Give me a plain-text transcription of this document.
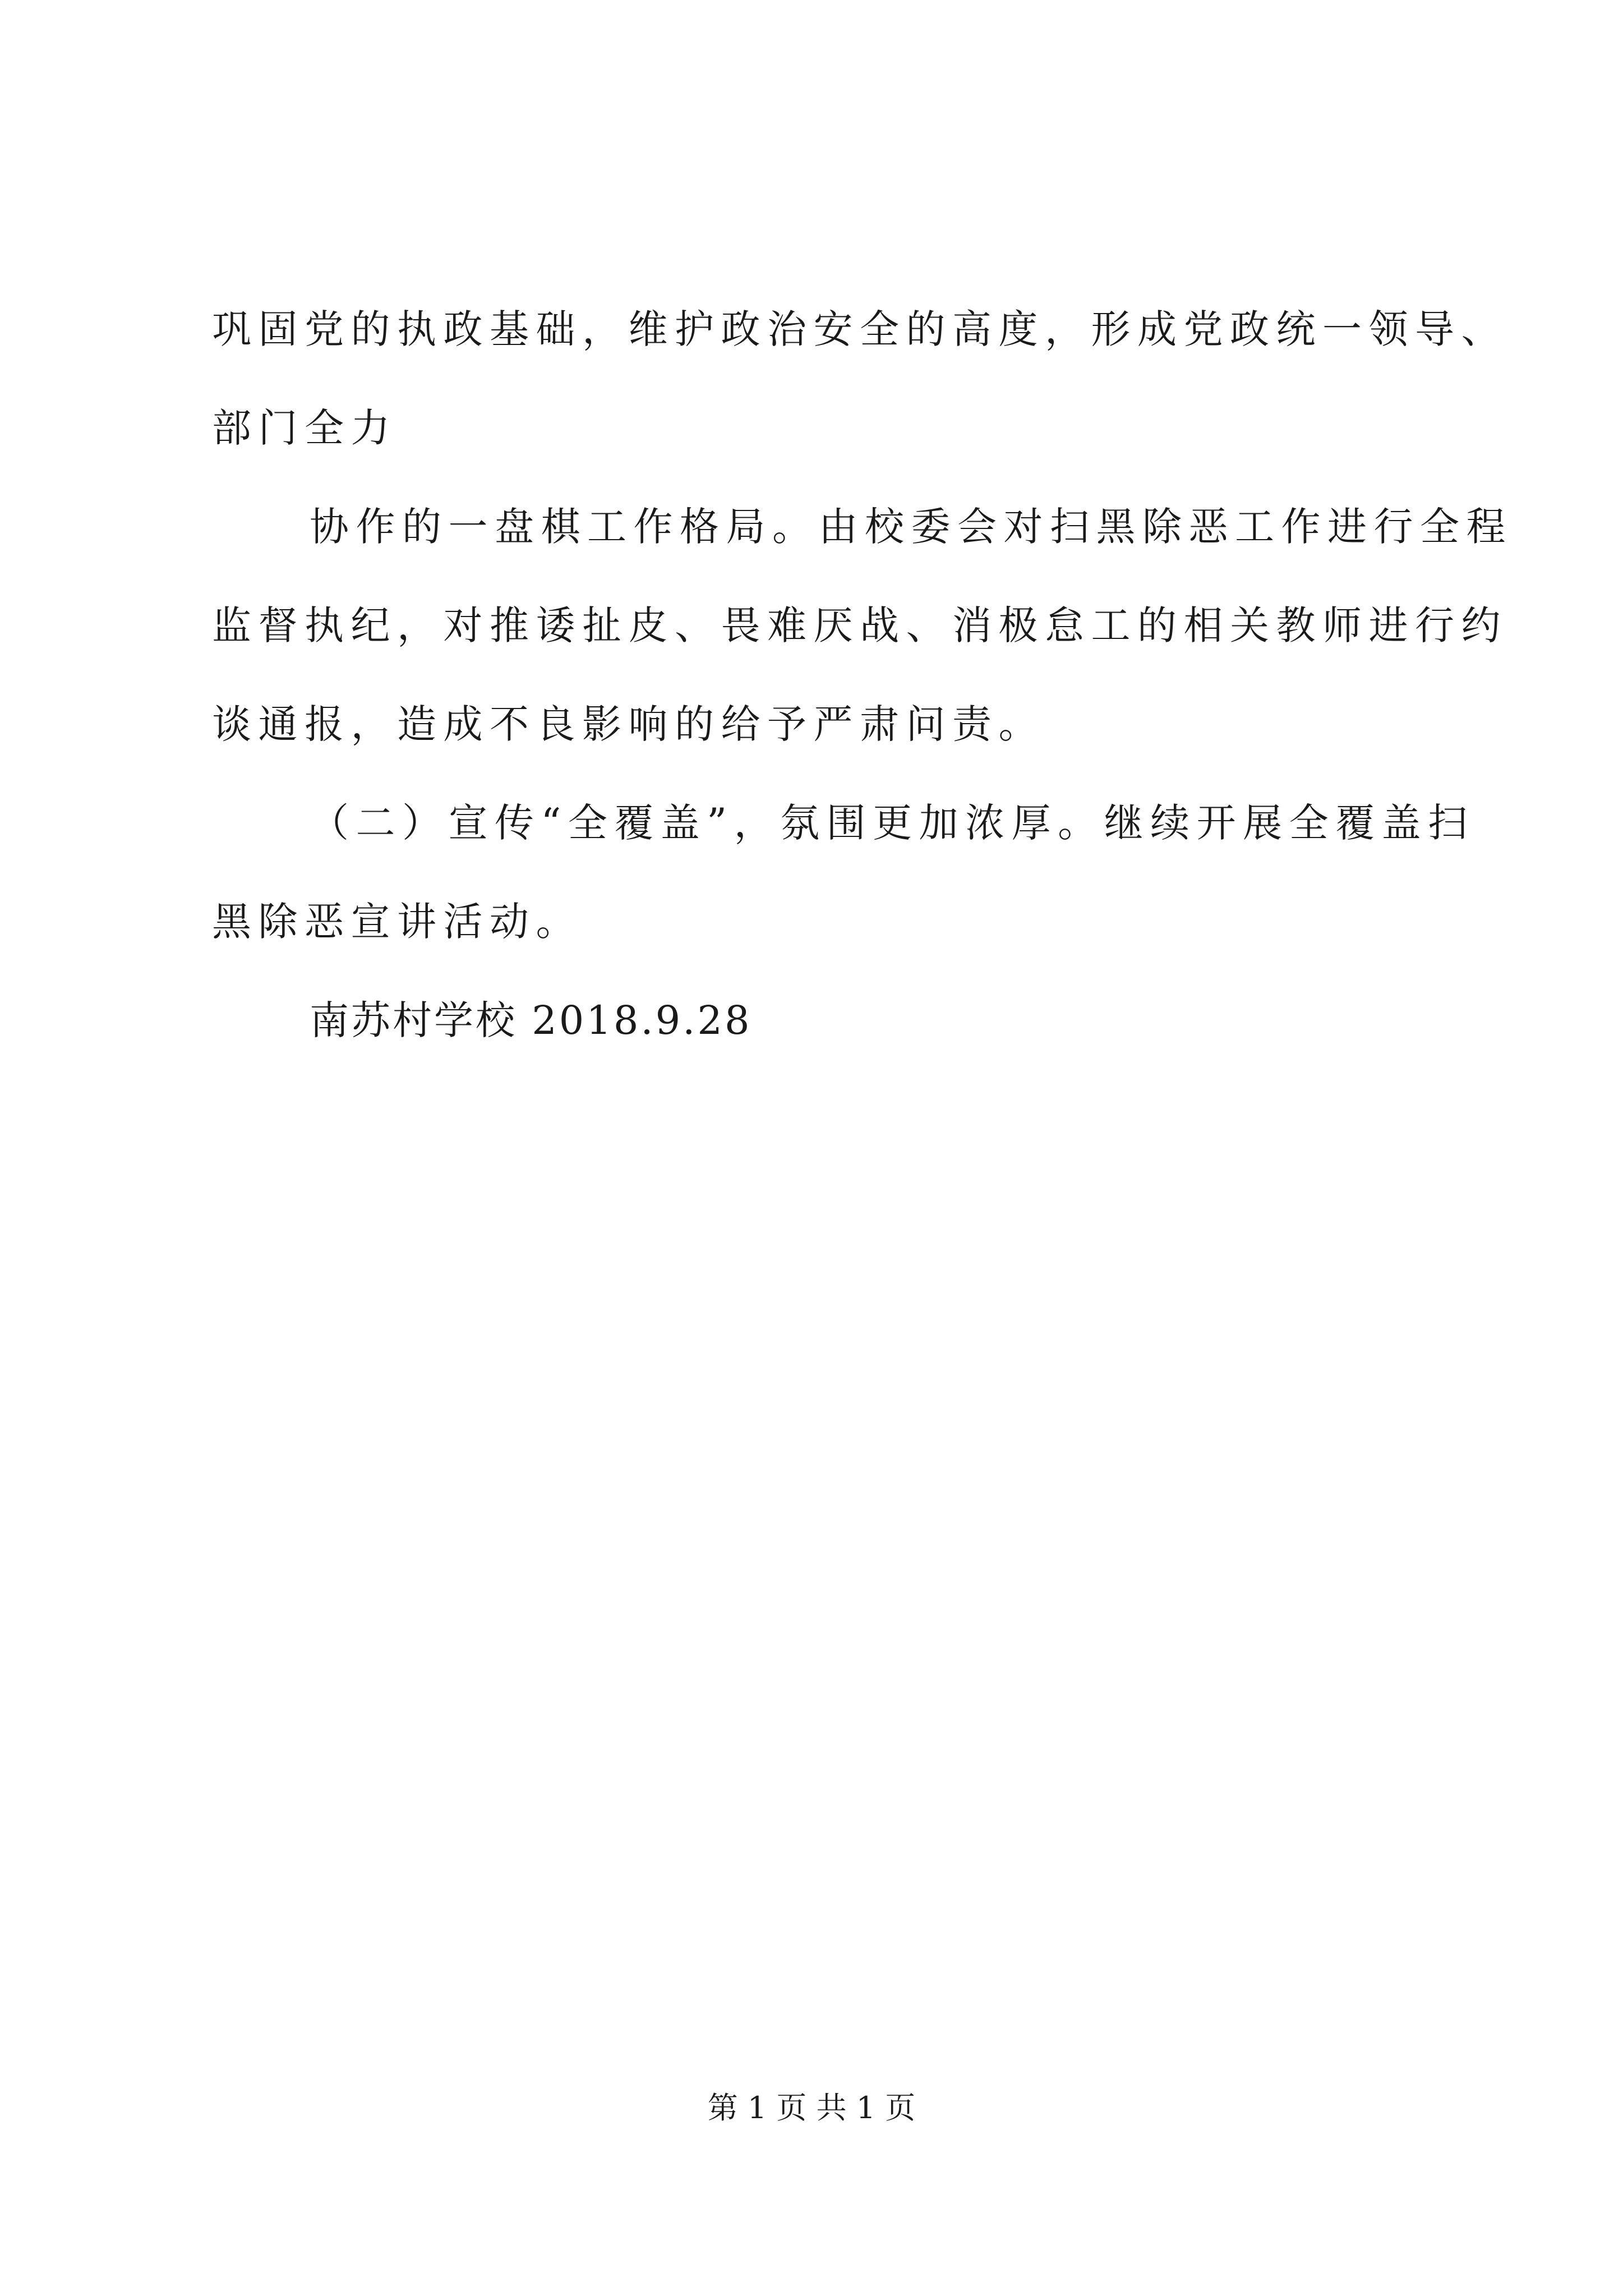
巩固党的执政基础，维护政治安全的高度，形成党政统一领导、
部门全力
协作的一盘棋工作格局。由校委会对扫黑除恶工作进行全程
监督执纪，对推诿扯皮、畏难厌战、消极怠工的相关教师进行约
谈通报，造成不良影响的给予严肃问责。
（二）宣传“全覆盖”，氛围更加浓厚。继续开展全覆盖扫
黑除恶宣讲活动。
南苏村学校 2018.9.28
第 1 页 共 1 页
